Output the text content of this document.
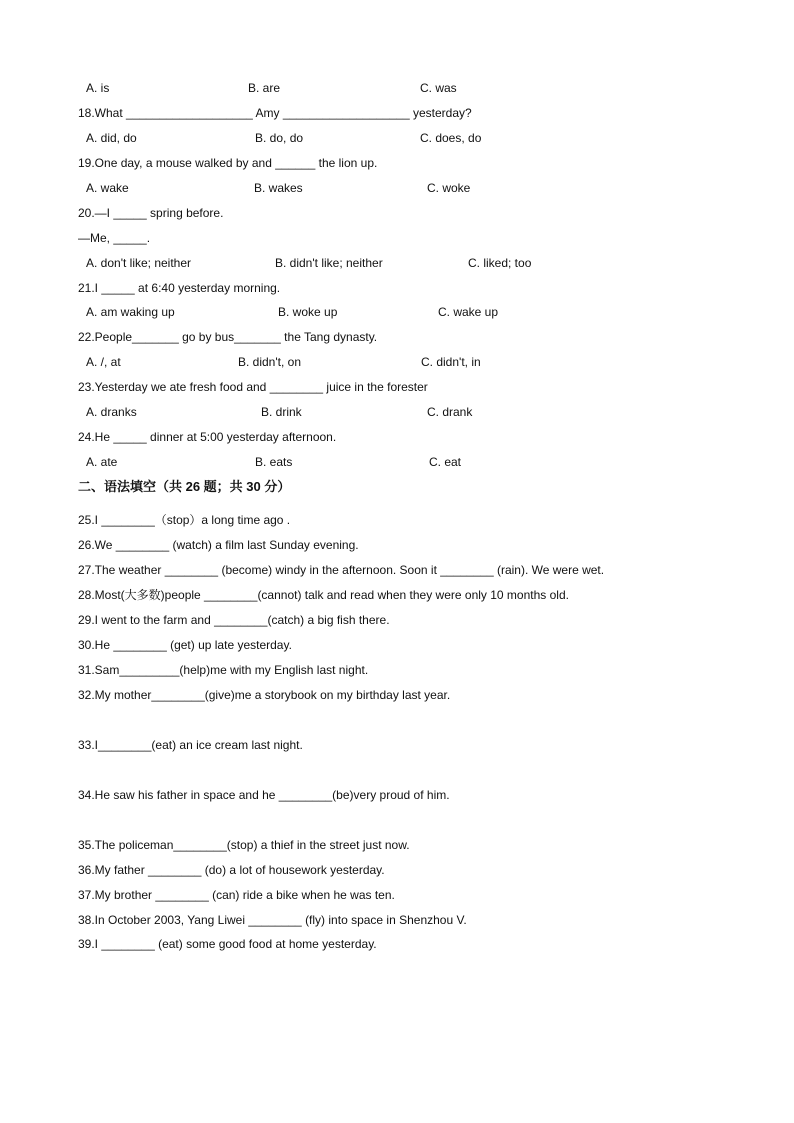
A. is	B. are	C. was
18.What ___________________ Amy ___________________ yesterday?
A. did, do	B. do, do	C. does, do
19.One day, a mouse walked by and ______ the lion up.
A. wake	B. wakes	C. woke
20.—I _____ spring before.
—Me, _____.
A. don't like; neither	B. didn't like; neither	C. liked; too
21.I _____ at 6:40 yesterday morning.
A. am waking up	B. woke up	C. wake up
22.People_______ go by bus_______ the Tang dynasty.
A. /, at	B. didn't, on	C. didn't, in
23.Yesterday we ate fresh food and ________ juice in the forester
A. dranks	B. drink	C. drank
24.He _____ dinner at 5:00 yesterday afternoon.
A. ate	B. eats	C. eat
二、语法填空（共 26 题；共 30 分）
25.I ________（stop）a long time ago .
26.We ________ (watch) a film last Sunday evening.
27.The weather ________ (become) windy in the afternoon. Soon it ________ (rain). We were wet.
28.Most(大多数)people ________(cannot) talk and read when they were only 10 months old.
29.I went to the farm and ________(catch) a big fish there.
30.He ________ (get) up late yesterday.
31.Sam_________(help)me with my English last night.
32.My mother________(give)me a storybook on my birthday last year.
33.I________(eat) an ice cream last night.
34.He saw his father in space and he ________(be)very proud of him.
35.The policeman________(stop) a thief in the street just now.
36.My father ________ (do) a lot of housework yesterday.
37.My brother ________ (can) ride a bike when he was ten.
38.In October 2003, Yang Liwei ________ (fly) into space in Shenzhou V.
39.I ________ (eat) some good food at home yesterday.
